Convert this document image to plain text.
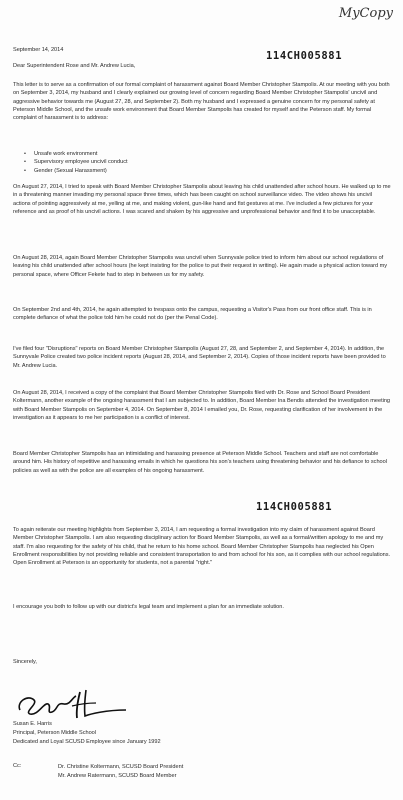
MyCopy
September 14, 2014	114CH005881
Dear Superintendent Rose and Mr. Andrew Lucia,
This letter is to serve as a confirmation of our formal complaint of harassment against Board Member Christopher Stampolis. At our meeting with you both on September 3, 2014, my husband and I clearly explained our growing level of concern regarding Board Member Christopher Stampolis' uncivil and aggressive behavior towards me (August 27, 28, and September 2). Both my husband and I expressed a genuine concern for my personal safety at Peterson Middle School, and the unsafe work environment that Board Member Stampolis has created for myself and the Peterson staff. My formal complaint of harassment is to address:
• Unsafe work environment
• Supervisory employee uncivil conduct
• Gender (Sexual Harassment)
On August 27, 2014, I tried to speak with Board Member Christopher Stampolis about leaving his child unattended after school hours. He walked up to me in a threatening manner invading my personal space three times, which has been caught on school surveillance video. The video shows his uncivil actions of pointing aggressively at me, yelling at me, and making violent, gun-like hand and fist gestures at me. I've included a few pictures for your reference and as proof of his uncivil actions. I was scared and shaken by his aggressive and unprofessional behavior and find it to be unacceptable.
On August 28, 2014, again Board Member Christopher Stampolis was uncivil when Sunnyvale police tried to inform him about our school regulations of leaving his child unattended after school hours (he kept insisting for the police to put their request in writing). He again made a physical action toward my personal space, where Officer Fekete had to step in between us for my safety.
On September 2nd and 4th, 2014, he again attempted to trespass onto the campus, requesting a Visitor's Pass from our front office staff. This is in complete defiance of what the police told him he could not do (per the Penal Code).
I've filed four "Disruptions" reports on Board Member Christopher Stampolis (August 27, 28, and September 2, and September 4, 2014). In addition, the Sunnyvale Police created two police incident reports (August 28, 2014, and September 2, 2014). Copies of those incident reports have been provided to Mr. Andrew Lucia.
On August 28, 2014, I received a copy of the complaint that Board Member Christopher Stampolis filed with Dr. Rose and School Board President Koltermann, another example of the ongoing harassment that I am subjected to. In addition, Board Member Ina Bendis attended the investigation meeting with Board Member Stampolis on September 4, 2014. On September 8, 2014 I emailed you, Dr. Rose, requesting clarification of her involvement in the investigation as it appears to me her participation is a conflict of interest.
Board Member Christopher Stampolis has an intimidating and harassing presence at Peterson Middle School. Teachers and staff are not comfortable around him. His history of repetitive and harassing emails in which he questions his son's teachers using threatening behavior and his defiance to school policies as well as with the police are all examples of his ongoing harassment.
114CH005881
To again reiterate our meeting highlights from September 3, 2014, I am requesting a formal investigation into my claim of harassment against Board Member Christopher Stampolis. I am also requesting disciplinary action for Board Member Stampolis, as well as a formal/written apology to me and my staff. I'm also requesting for the safety of his child, that he return to his home school. Board Member Christopher Stampolis has neglected his Open Enrollment responsibilities by not providing reliable and consistent transportation to and from school for his son, as it complies with our school regulations. Open Enrollment at Peterson is an opportunity for students, not a parental "right."
I encourage you both to follow up with our district's legal team and implement a plan for an immediate solution.
Sincerely,
Susan E. Harris
Principal, Peterson Middle School
Dedicated and Loyal SCUSD Employee since January 1992
Cc:	Dr. Christine Koltermann, SCUSD Board President
Mr. Andrew Ratermann, SCUSD Board Member
